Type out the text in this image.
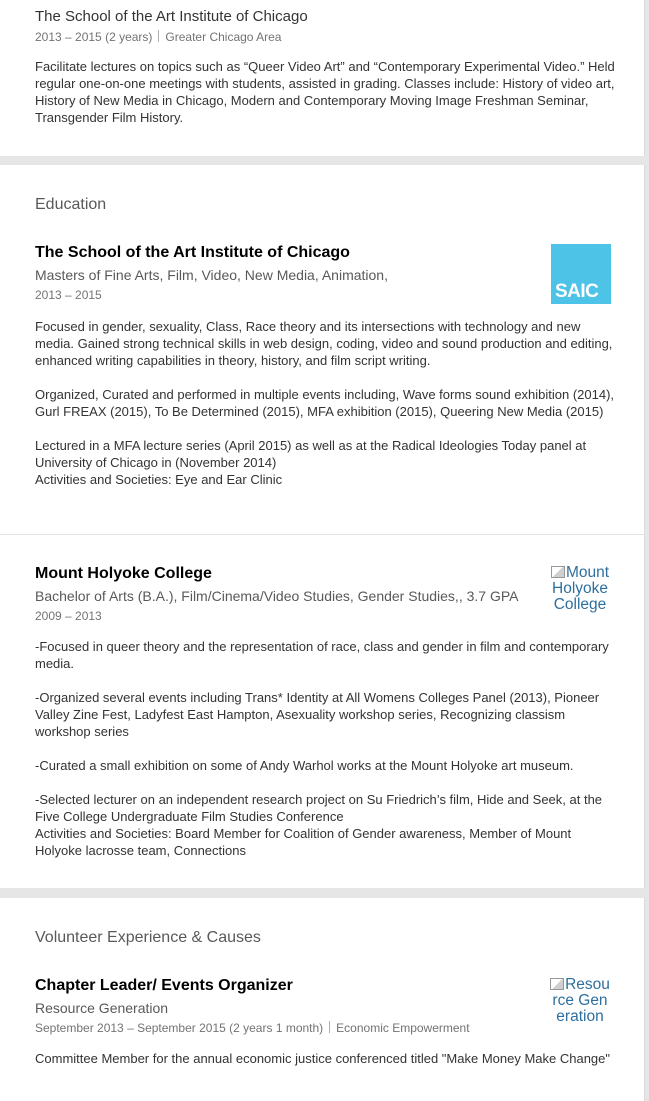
The School of the Art Institute of Chicago
2013 – 2015 (2 years) Greater Chicago Area

Facilitate lectures on topics such as “Queer Video Art” and “Contemporary Experimental Video.” Held regular one-on-one meetings with students, assisted in grading. Classes include: History of video art, History of New Media in Chicago, Modern and Contemporary Moving Image Freshman Seminar, Transgender Film History.

Education
The School of the Art Institute of Chicago
Masters of Fine Arts, Film, Video, New Media, Animation,
2013 – 2015	SAIC

Focused in gender, sexuality, Class, Race theory and its intersections with technology and new media. Gained strong technical skills in web design, coding, video and sound production and editing, enhanced writing capabilities in theory, history, and film script writing.

Organized, Curated and performed in multiple events including, Wave forms sound exhibition (2014), Gurl FREAX (2015), To Be Determined (2015), MFA exhibition (2015), Queering New Media (2015)

Lectured in a MFA lecture series (April 2015) as well as at the Radical Ideologies Today panel at University of Chicago in (November 2014)

Activities and Societies: Eye and Ear Clinic

Mount Holyoke College
Bachelor of Arts (B.A.), Film/Cinema/Video Studies, Gender Studies,, 3.7 GPA
2009 – 2013
Mount Holyoke College

-Focused in queer theory and the representation of race, class and gender in film and contemporary media.

-Organized several events including Trans* Identity at All Womens Colleges Panel (2013), Pioneer Valley Zine Fest, Ladyfest East Hampton, Asexuality workshop series, Recognizing classism workshop series

-Curated a small exhibition on some of Andy Warhol works at the Mount Holyoke art museum.

-Selected lecturer on an independent research project on Su Friedrich’s film, Hide and Seek, at the Five College Undergraduate Film Studies Conference

Activities and Societies: Board Member for Coalition of Gender awareness, Member of Mount Holyoke lacrosse team, Connections

Volunteer Experience & Causes
Chapter Leader/ Events Organizer
Resource Generation
September 2013 – September 2015 (2 years 1 month) Economic Empowerment
Resource Generation

Committee Member for the annual economic justice conferenced titled "Make Money Make Change"
